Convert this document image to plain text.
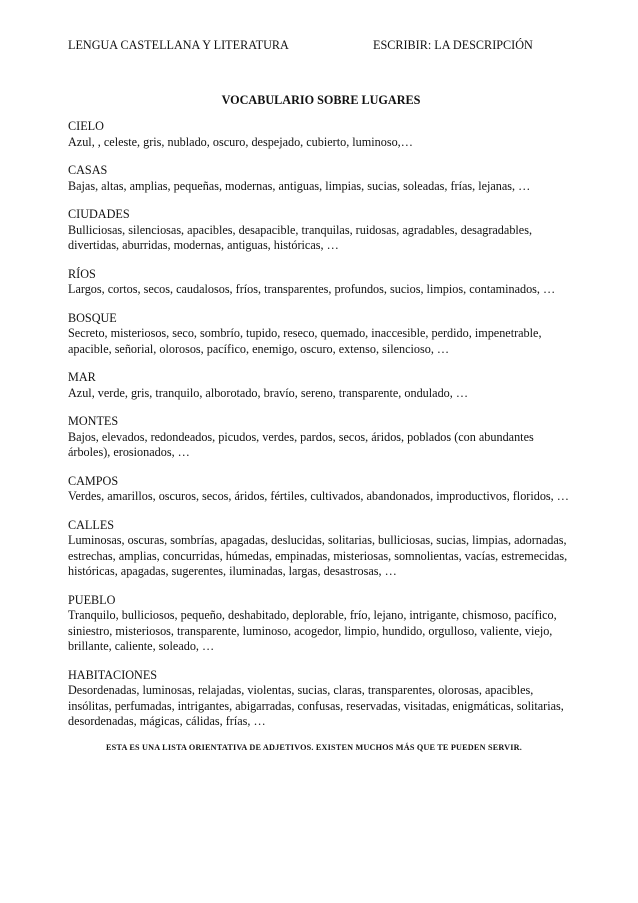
LENGUA CASTELLANA Y LITERATURA	ESCRIBIR: LA DESCRIPCIÓN
VOCABULARIO SOBRE LUGARES
CIELO
Azul, , celeste, gris, nublado, oscuro, despejado, cubierto, luminoso,…
CASAS
Bajas, altas, amplias, pequeñas, modernas, antiguas, limpias, sucias, soleadas, frías, lejanas, …
CIUDADES
Bulliciosas, silenciosas, apacibles, desapacible, tranquilas, ruidosas, agradables, desagradables, divertidas, aburridas, modernas, antiguas, históricas, …
RÍOS
Largos, cortos, secos, caudalosos, fríos, transparentes, profundos, sucios, limpios, contaminados, …
BOSQUE
Secreto, misteriosos, seco, sombrío, tupido, reseco, quemado, inaccesible, perdido, impenetrable, apacible, señorial, olorosos, pacífico, enemigo, oscuro, extenso, silencioso, …
MAR
Azul, verde, gris, tranquilo, alborotado, bravío, sereno, transparente, ondulado, …
MONTES
Bajos, elevados, redondeados, picudos, verdes, pardos, secos, áridos, poblados (con abundantes árboles), erosionados, …
CAMPOS
Verdes, amarillos, oscuros, secos, áridos, fértiles, cultivados, abandonados, improductivos, floridos, …
CALLES
Luminosas, oscuras, sombrías, apagadas, deslucidas, solitarias, bulliciosas, sucias, limpias, adornadas, estrechas, amplias, concurridas, húmedas, empinadas, misteriosas, somnolientas, vacías, estremecidas, históricas, apagadas, sugerentes, iluminadas, largas, desastrosas, …
PUEBLO
Tranquilo, bulliciosos, pequeño, deshabitado, deplorable, frío, lejano, intrigante, chismoso, pacífico, siniestro, misteriosos, transparente, luminoso, acogedor, limpio, hundido, orgulloso, valiente, viejo, brillante, caliente, soleado, …
HABITACIONES
Desordenadas, luminosas, relajadas, violentas, sucias, claras, transparentes, olorosas, apacibles, insólitas, perfumadas, intrigantes, abigarradas, confusas, reservadas, visitadas, enigmáticas, solitarias, desordenadas, mágicas, cálidas, frías, …
ESTA ES UNA LISTA ORIENTATIVA DE ADJETIVOS. EXISTEN MUCHOS MÁS QUE TE PUEDEN SERVIR.
